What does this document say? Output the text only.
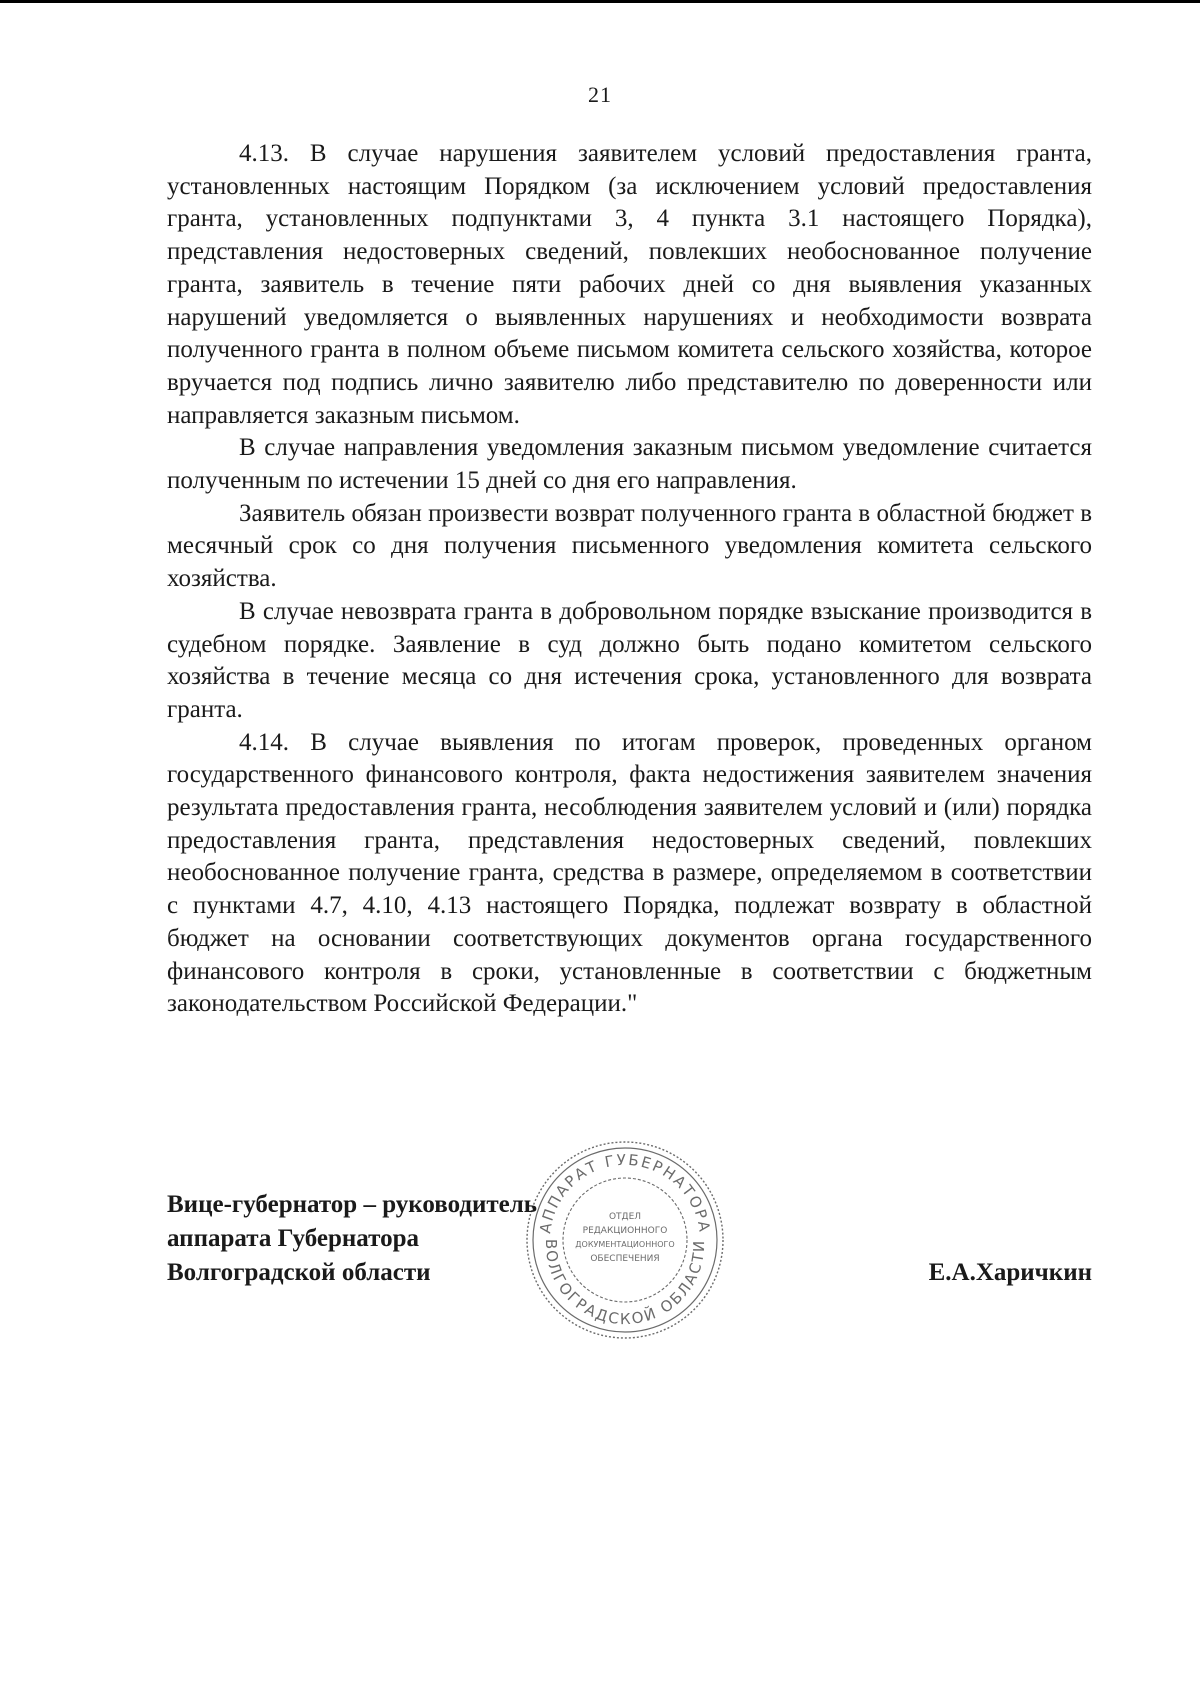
21

4.13. В случае нарушения заявителем условий предоставления гранта, установленных настоящим Порядком (за исключением условий предоставления гранта, установленных подпунктами 3, 4 пункта 3.1 настоящего Порядка), представления недостоверных сведений, повлекших необоснованное получение гранта, заявитель в течение пяти рабочих дней со дня выявления указанных нарушений уведомляется о выявленных нарушениях и необходимости возврата полученного гранта в полном объеме письмом комитета сельского хозяйства, которое вручается под подпись лично заявителю либо представителю по доверенности или направляется заказным письмом.

В случае направления уведомления заказным письмом уведомление считается полученным по истечении 15 дней со дня его направления.

Заявитель обязан произвести возврат полученного гранта в областной бюджет в месячный срок со дня получения письменного уведомления комитета сельского хозяйства.

В случае невозврата гранта в добровольном порядке взыскание производится в судебном порядке. Заявление в суд должно быть подано комитетом сельского хозяйства в течение месяца со дня истечения срока, установленного для возврата гранта.

4.14. В случае выявления по итогам проверок, проведенных органом государственного финансового контроля, факта недостижения заявителем значения результата предоставления гранта, несоблюдения заявителем условий и (или) порядка предоставления гранта, представления недостоверных сведений, повлекших необоснованное получение гранта, средства в размере, определяемом в соответствии с пунктами 4.7, 4.10, 4.13 настоящего Порядка, подлежат возврату в областной бюджет на основании соответствующих документов органа государственного финансового контроля в сроки, установленные в соответствии с бюджетным законодательством Российской Федерации."

АППАРАТ ГУБЕРНАТОРА
ВОЛГОГРАДСКОЙ ОБЛАСТИ
ОТДЕЛ
РЕДАКЦИОННОГО
ДОКУМЕНТАЦИОННОГО
ОБЕСПЕЧЕНИЯ
Вице-губернатор – руководитель
аппарата Губернатора
Волгоградской области	Е.А.Харичкин
